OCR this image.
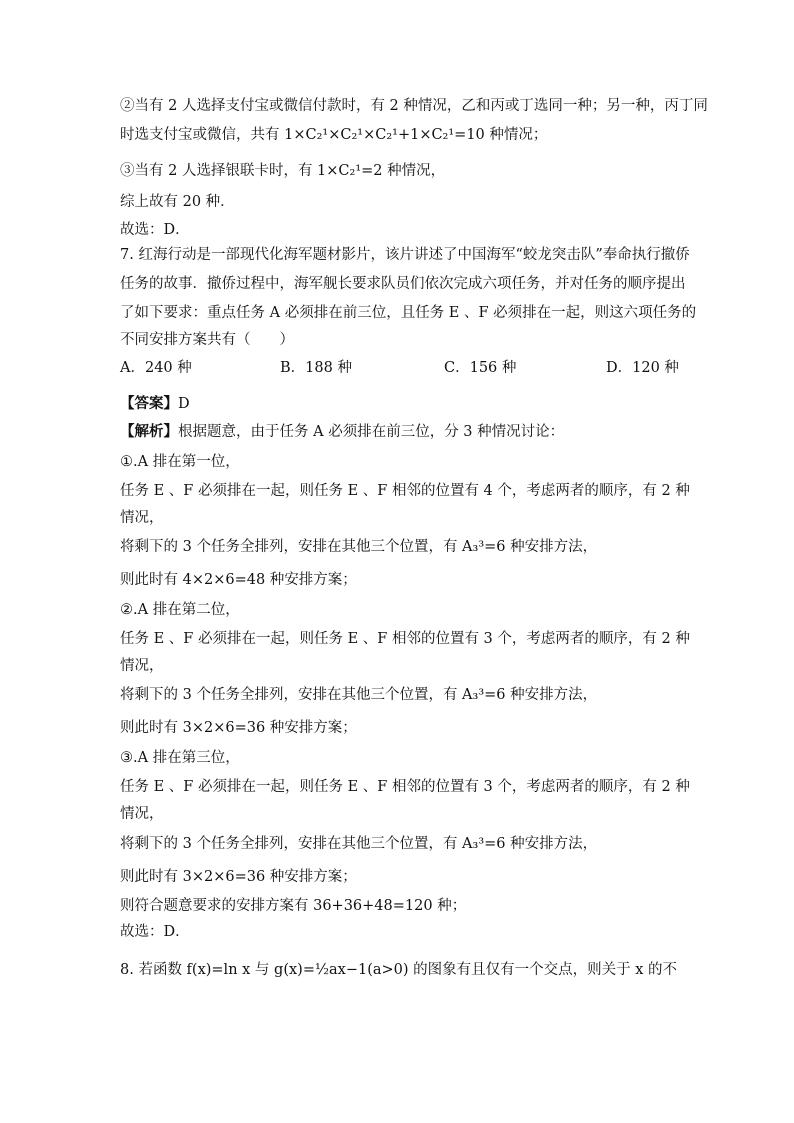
②当有 2 人选择支付宝或微信付款时，有 2 种情况，乙和丙或丁选同一种；另一种，丙丁同
时选支付宝或微信，共有 1×C₂¹×C₂¹×C₂¹+1×C₂¹=10 种情况；
③当有 2 人选择银联卡时，有 1×C₂¹=2 种情况，
综上故有 20 种．
故选：D．
7. 红海行动是一部现代化海军题材影片，该片讲述了中国海军“蛟龙突击队”奉命执行撤侨
任务的故事．撤侨过程中，海军舰长要求队员们依次完成六项任务，并对任务的顺序提出
了如下要求：重点任务 A 必须排在前三位，且任务 E 、F 必须排在一起，则这六项任务的
不同安排方案共有（　　）
A．240 种	B．188 种	C．156 种	D．120 种
【答案】D
【解析】根据题意，由于任务 A 必须排在前三位，分 3 种情况讨论：
①.A 排在第一位，
任务 E 、F 必须排在一起，则任务 E 、F 相邻的位置有 4 个，考虑两者的顺序，有 2 种
情况，
将剩下的 3 个任务全排列，安排在其他三个位置，有 A₃³=6 种安排方法，
则此时有 4×2×6=48 种安排方案；
②.A 排在第二位，
任务 E 、F 必须排在一起，则任务 E 、F 相邻的位置有 3 个，考虑两者的顺序，有 2 种
情况，
将剩下的 3 个任务全排列，安排在其他三个位置，有 A₃³=6 种安排方法，
则此时有 3×2×6=36 种安排方案；
③.A 排在第三位，
任务 E 、F 必须排在一起，则任务 E 、F 相邻的位置有 3 个，考虑两者的顺序，有 2 种
情况，
将剩下的 3 个任务全排列，安排在其他三个位置，有 A₃³=6 种安排方法，
则此时有 3×2×6=36 种安排方案；
则符合题意要求的安排方案有 36+36+48=120 种；
故选：D．
8. 若函数 f(x)=ln x 与 g(x)=½ax−1(a>0) 的图象有且仅有一个交点，则关于 x 的不
